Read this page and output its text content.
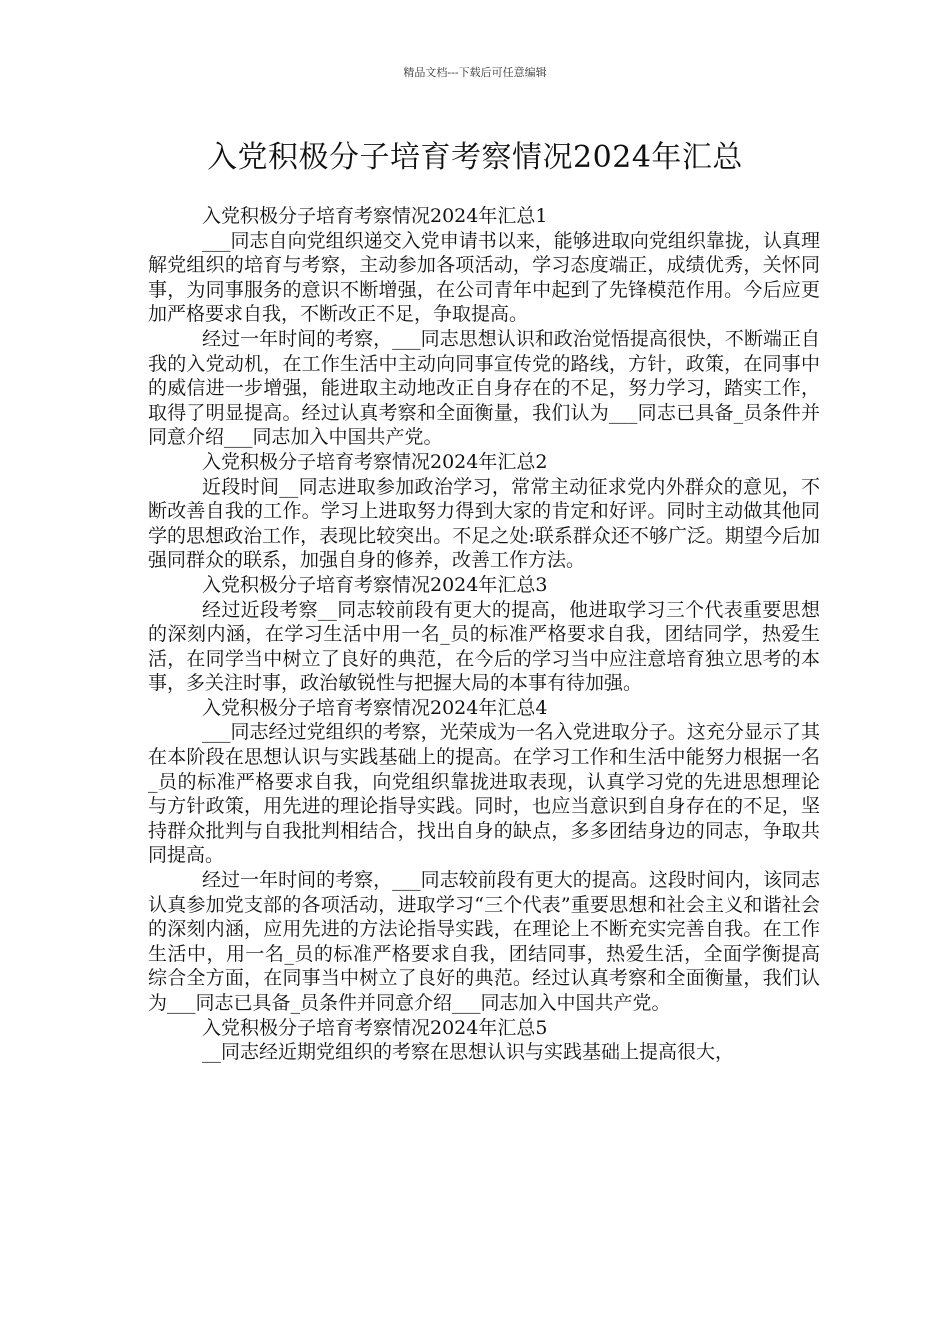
精品文档---下载后可任意编辑
入党积极分子培育考察情况2024年汇总

入党积极分子培育考察情况2024年汇总1

___同志自向党组织递交入党申请书以来，能够进取向党组织靠拢，认真理解党组织的培育与考察，主动参加各项活动，学习态度端正，成绩优秀，关怀同事，为同事服务的意识不断增强，在公司青年中起到了先锋模范作用。今后应更加严格要求自我，不断改正不足，争取提高。

经过一年时间的考察，___同志思想认识和政治觉悟提高很快，不断端正自我的入党动机，在工作生活中主动向同事宣传党的路线，方针，政策，在同事中的威信进一步增强，能进取主动地改正自身存在的不足，努力学习，踏实工作，取得了明显提高。经过认真考察和全面衡量，我们认为___同志已具备_员条件并同意介绍___同志加入中国共产党。

入党积极分子培育考察情况2024年汇总2

近段时间__同志进取参加政治学习，常常主动征求党内外群众的意见，不断改善自我的工作。学习上进取努力得到大家的肯定和好评。同时主动做其他同学的思想政治工作，表现比较突出。不足之处:联系群众还不够广泛。期望今后加强同群众的联系，加强自身的修养，改善工作方法。

入党积极分子培育考察情况2024年汇总3

经过近段考察__同志较前段有更大的提高，他进取学习三个代表重要思想的深刻内涵，在学习生活中用一名_员的标准严格要求自我，团结同学，热爱生活，在同学当中树立了良好的典范，在今后的学习当中应注意培育独立思考的本事，多关注时事，政治敏锐性与把握大局的本事有待加强。

入党积极分子培育考察情况2024年汇总4

___同志经过党组织的考察，光荣成为一名入党进取分子。这充分显示了其在本阶段在思想认识与实践基础上的提高。在学习工作和生活中能努力根据一名_员的标准严格要求自我，向党组织靠拢进取表现，认真学习党的先进思想理论与方针政策，用先进的理论指导实践。同时，也应当意识到自身存在的不足，坚持群众批判与自我批判相结合，找出自身的缺点，多多团结身边的同志，争取共同提高。

经过一年时间的考察，___同志较前段有更大的提高。这段时间内，该同志认真参加党支部的各项活动，进取学习“三个代表”重要思想和社会主义和谐社会的深刻内涵，应用先进的方法论指导实践，在理论上不断充实完善自我。在工作生活中，用一名_员的标准严格要求自我，团结同事，热爱生活，全面学衡提高综合全方面，在同事当中树立了良好的典范。经过认真考察和全面衡量，我们认为___同志已具备_员条件并同意介绍___同志加入中国共产党。

入党积极分子培育考察情况2024年汇总5

__同志经近期党组织的考察在思想认识与实践基础上提高很大，
